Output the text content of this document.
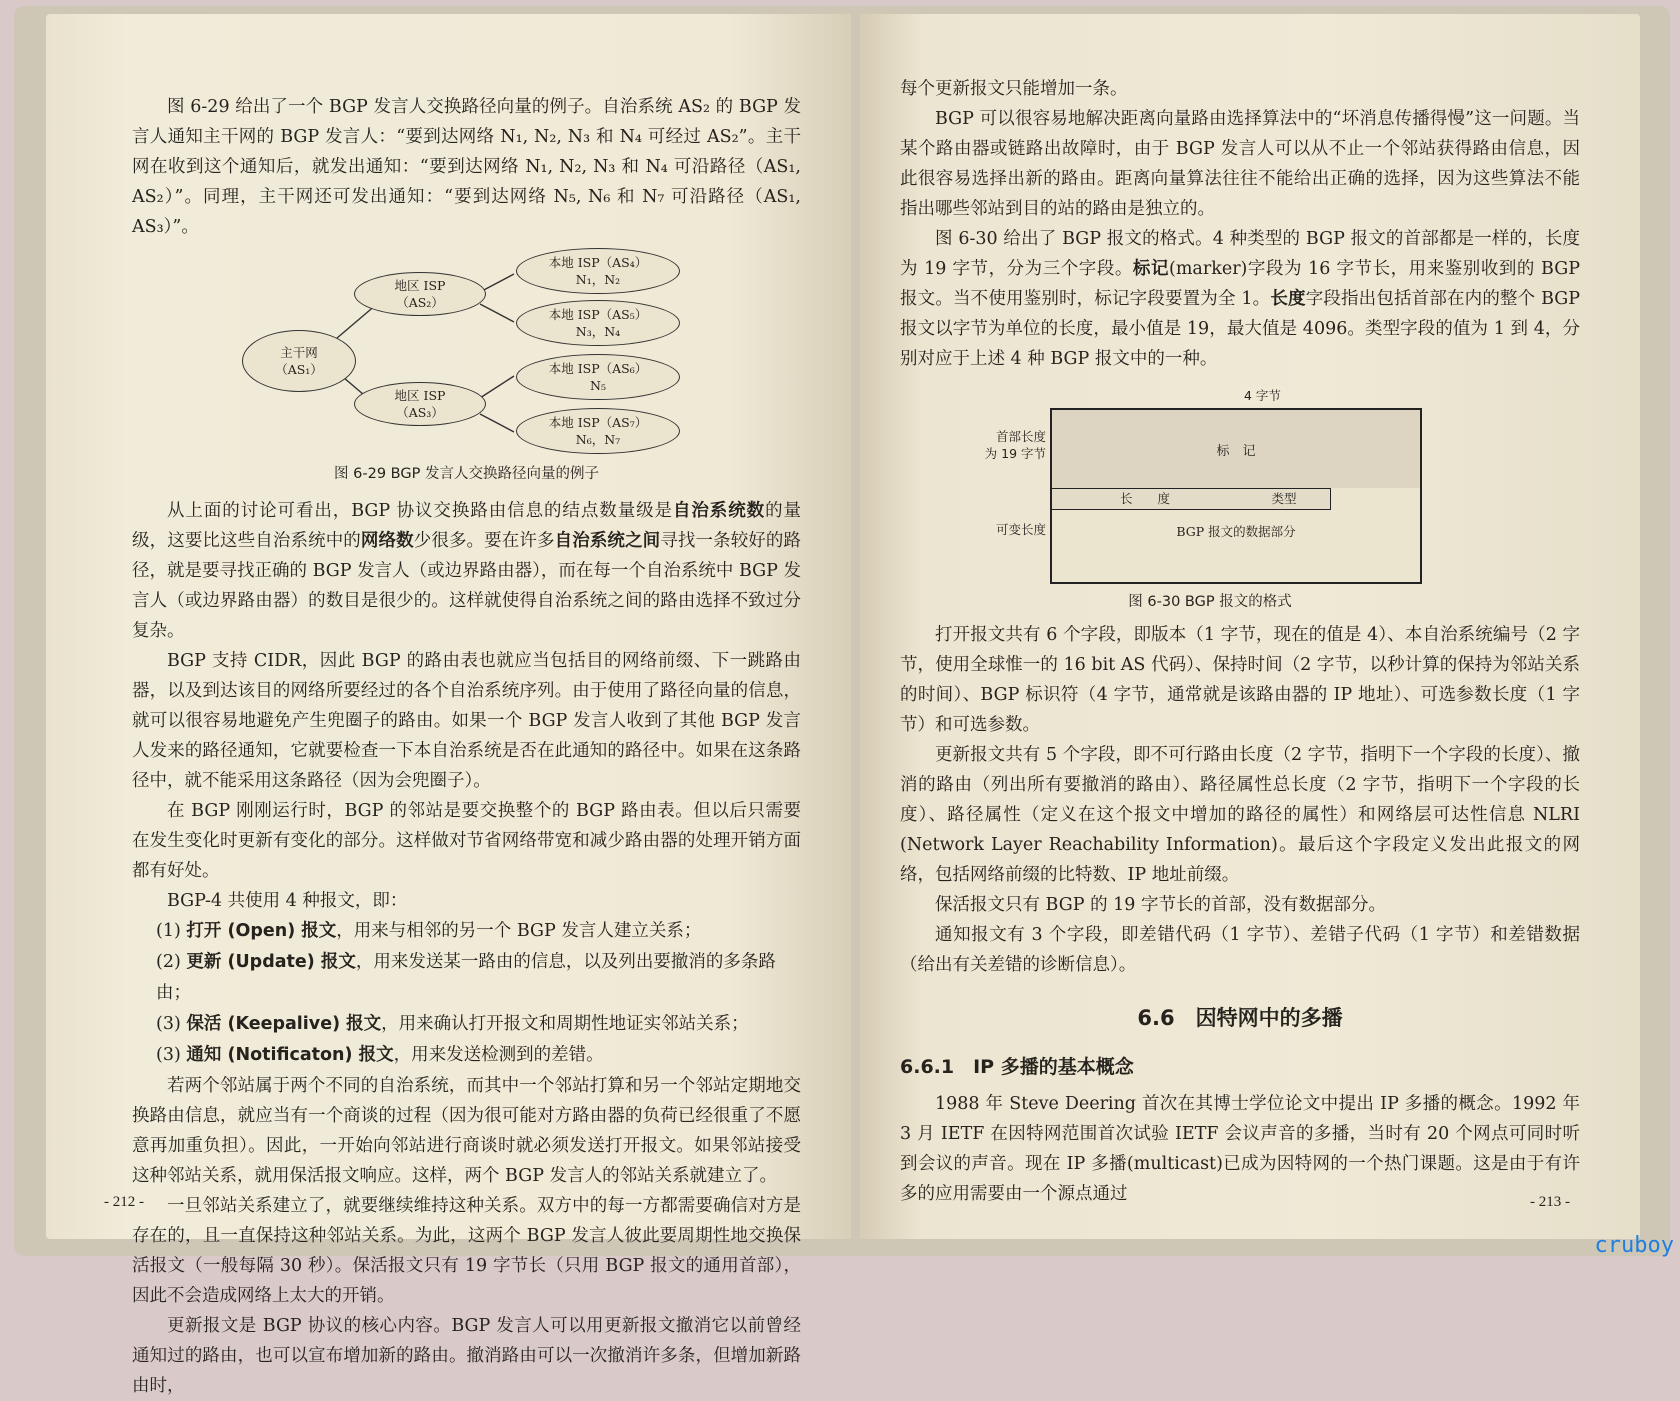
图 6-29 给出了一个 BGP 发言人交换路径向量的例子。自治系统 AS₂ 的 BGP 发言人通知主干网的 BGP 发言人：“要到达网络 N₁, N₂, N₃ 和 N₄ 可经过 AS₂”。主干网在收到这个通知后，就发出通知：“要到达网络 N₁, N₂, N₃ 和 N₄ 可沿路径（AS₁, AS₂）”。同理，主干网还可发出通知：“要到达网络 N₅, N₆ 和 N₇ 可沿路径（AS₁, AS₃）”。

主干网
（AS₁）
地区 ISP
（AS₂）
地区 ISP
（AS₃）
本地 ISP（AS₄）
N₁，N₂
本地 ISP（AS₅）
N₃，N₄
本地 ISP（AS₆）
N₅
本地 ISP（AS₇）
N₆，N₇
图 6-29 BGP 发言人交换路径向量的例子

从上面的讨论可看出，BGP 协议交换路由信息的结点数量级是自治系统数的量级，这要比这些自治系统中的网络数少很多。要在许多自治系统之间寻找一条较好的路径，就是要寻找正确的 BGP 发言人（或边界路由器），而在每一个自治系统中 BGP 发言人（或边界路由器）的数目是很少的。这样就使得自治系统之间的路由选择不致过分复杂。

BGP 支持 CIDR，因此 BGP 的路由表也就应当包括目的网络前缀、下一跳路由器，以及到达该目的网络所要经过的各个自治系统序列。由于使用了路径向量的信息，就可以很容易地避免产生兜圈子的路由。如果一个 BGP 发言人收到了其他 BGP 发言人发来的路径通知，它就要检查一下本自治系统是否在此通知的路径中。如果在这条路径中，就不能采用这条路径（因为会兜圈子）。

在 BGP 刚刚运行时，BGP 的邻站是要交换整个的 BGP 路由表。但以后只需要在发生变化时更新有变化的部分。这样做对节省网络带宽和减少路由器的处理开销方面都有好处。

BGP-4 共使用 4 种报文，即：

(1) 打开 (Open) 报文，用来与相邻的另一个 BGP 发言人建立关系；
(2) 更新 (Update) 报文，用来发送某一路由的信息，以及列出要撤消的多条路由；
(3) 保活 (Keepalive) 报文，用来确认打开报文和周期性地证实邻站关系；
(3) 通知 (Notificaton) 报文，用来发送检测到的差错。

若两个邻站属于两个不同的自治系统，而其中一个邻站打算和另一个邻站定期地交换路由信息，就应当有一个商谈的过程（因为很可能对方路由器的负荷已经很重了不愿意再加重负担）。因此，一开始向邻站进行商谈时就必须发送打开报文。如果邻站接受这种邻站关系，就用保活报文响应。这样，两个 BGP 发言人的邻站关系就建立了。

一旦邻站关系建立了，就要继续维持这种关系。双方中的每一方都需要确信对方是存在的，且一直保持这种邻站关系。为此，这两个 BGP 发言人彼此要周期性地交换保活报文（一般每隔 30 秒）。保活报文只有 19 字节长（只用 BGP 报文的通用首部），因此不会造成网络上太大的开销。

更新报文是 BGP 协议的核心内容。BGP 发言人可以用更新报文撤消它以前曾经通知过的路由，也可以宣布增加新的路由。撤消路由可以一次撤消许多条，但增加新路由时，

- 212 -

每个更新报文只能增加一条。

BGP 可以很容易地解决距离向量路由选择算法中的“坏消息传播得慢”这一问题。当某个路由器或链路出故障时，由于 BGP 发言人可以从不止一个邻站获得路由信息，因此很容易选择出新的路由。距离向量算法往往不能给出正确的选择，因为这些算法不能指出哪些邻站到目的站的路由是独立的。

图 6-30 给出了 BGP 报文的格式。4 种类型的 BGP 报文的首部都是一样的，长度为 19 字节，分为三个字段。标记(marker)字段为 16 字节长，用来鉴别收到的 BGP 报文。当不使用鉴别时，标记字段要置为全 1。长度字段指出包括首部在内的整个 BGP 报文以字节为单位的长度，最小值是 19，最大值是 4096。类型字段的值为 1 到 4，分别对应于上述 4 种 BGP 报文中的一种。

4 字节
标　记
长　　度	类型
BGP 报文的数据部分
首部长度
为 19 字节
可变长度
图 6-30 BGP 报文的格式

打开报文共有 6 个字段，即版本（1 字节，现在的值是 4）、本自治系统编号（2 字节，使用全球惟一的 16 bit AS 代码）、保持时间（2 字节，以秒计算的保持为邻站关系的时间）、BGP 标识符（4 字节，通常就是该路由器的 IP 地址）、可选参数长度（1 字节）和可选参数。

更新报文共有 5 个字段，即不可行路由长度（2 字节，指明下一个字段的长度）、撤消的路由（列出所有要撤消的路由）、路径属性总长度（2 字节，指明下一个字段的长度）、路径属性（定义在这个报文中增加的路径的属性）和网络层可达性信息 NLRI (Network Layer Reachability Information)。最后这个字段定义发出此报文的网络，包括网络前缀的比特数、IP 地址前缀。

保活报文只有 BGP 的 19 字节长的首部，没有数据部分。

通知报文有 3 个字段，即差错代码（1 字节）、差错子代码（1 字节）和差错数据（给出有关差错的诊断信息）。

6.6　因特网中的多播
6.6.1　IP 多播的基本概念

1988 年 Steve Deering 首次在其博士学位论文中提出 IP 多播的概念。1992 年 3 月 IETF 在因特网范围首次试验 IETF 会议声音的多播，当时有 20 个网点可同时听到会议的声音。现在 IP 多播(multicast)已成为因特网的一个热门课题。这是由于有许多的应用需要由一个源点通过	- 213 -
cruboy
